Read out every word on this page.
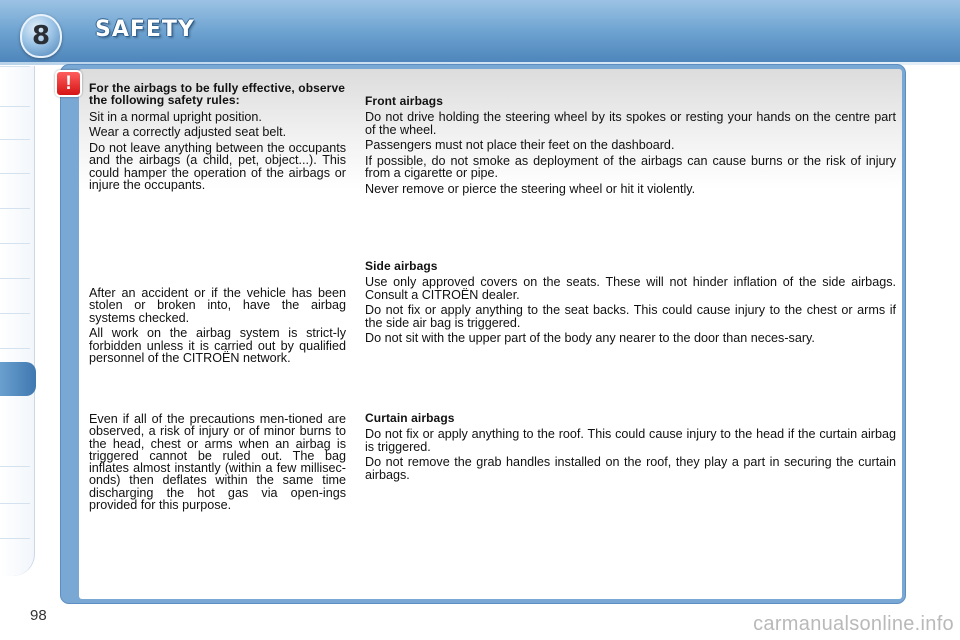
8	SAFETY
98
!	For the airbags to be fully effective, observe the following safety rules:

Sit in a normal upright position.

Wear a correctly adjusted seat belt.

Do not leave anything between the occupants and the airbags (a child, pet, object...). This could hamper the operation of the airbags or injure the occupants.

After an accident or if the vehicle has been stolen or broken into, have the airbag systems checked.

All work on the airbag system is strict-ly forbidden unless it is carried out by qualified personnel of the CITROËN network.

Even if all of the precautions men-tioned are observed, a risk of injury or of minor burns to the head, chest or arms when an airbag is triggered cannot be ruled out. The bag inflates almost instantly (within a few millisec-onds) then deflates within the same time discharging the hot gas via open-ings provided for this purpose.

Front airbags

Do not drive holding the steering wheel by its spokes or resting your hands on the centre part of the wheel.

Passengers must not place their feet on the dashboard.

If possible, do not smoke as deployment of the airbags can cause burns or the risk of injury from a cigarette or pipe.

Never remove or pierce the steering wheel or hit it violently.

Side airbags

Use only approved covers on the seats. These will not hinder inflation of the side airbags. Consult a CITROËN dealer.

Do not fix or apply anything to the seat backs. This could cause injury to the chest or arms if the side air bag is triggered.

Do not sit with the upper part of the body any nearer to the door than neces-sary.

Curtain airbags

Do not fix or apply anything to the roof. This could cause injury to the head if the curtain airbag is triggered.

Do not remove the grab handles installed on the roof, they play a part in securing the curtain airbags.

carmanualsonline.info
